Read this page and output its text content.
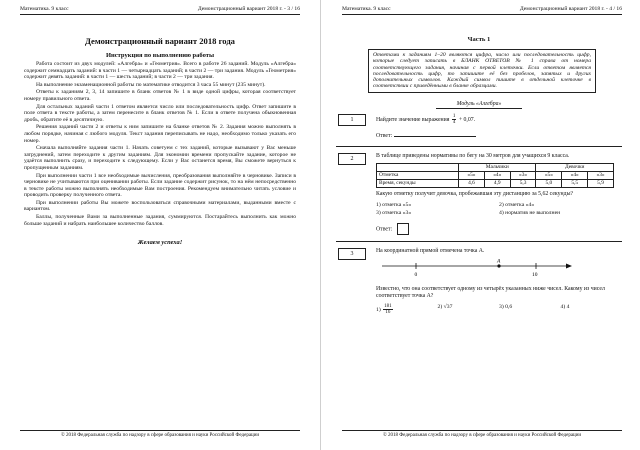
Математика. 9 класс	Демонстрационный вариант 2018 г. - 3 / 16
Демонстрационный вариант 2018 года
Инструкция по выполнению работы

Работа состоит из двух модулей: «Алгебра» и «Геометрия». Всего в работе 26 заданий. Модуль «Алгебра» содержит семнадцать заданий: в части 1 — четырнадцать заданий; в части 2 — три задания. Модуль «Геометрия» содержит девять заданий: в части 1 — шесть заданий; в части 2 — три задания.

На выполнение экзаменационной работы по математике отводится 3 часа 55 минут (235 минут).

Ответы к заданиям 2, 3, 14 запишите в бланк ответов № 1 в виде одной цифры, которая соответствует номеру правильного ответа.

Для остальных заданий части 1 ответом является число или последовательность цифр. Ответ запишите в поле ответа в тексте работы, а затем перенесите в бланк ответов № 1. Если в ответе получена обыкновенная дробь, обратите её в десятичную.

Решения заданий части 2 и ответы к ним запишите на бланке ответов № 2. Задания можно выполнять в любом порядке, начиная с любого модуля. Текст задания переписывать не надо, необходимо только указать его номер.

Сначала выполняйте задания части 1. Начать советуем с тех заданий, которые вызывают у Вас меньше затруднений, затем переходите к другим заданиям. Для экономии времени пропускайте задание, которое не удаётся выполнить сразу, и переходите к следующему. Если у Вас останется время, Вы сможете вернуться к пропущенным заданиям.

При выполнении части 1 все необходимые вычисления, преобразования выполняйте в черновике. Записи в черновике не учитываются при оценивании работы. Если задание содержит рисунок, то на нём непосредственно в тексте работы можно выполнять необходимые Вам построения. Рекомендуем внимательно читать условие и проводить проверку полученного ответа.

При выполнении работы Вы можете воспользоваться справочными материалами, выданными вместе с вариантом.

Баллы, полученные Вами за выполненные задания, суммируются. Постарайтесь выполнить как можно больше заданий и набрать наибольшее количество баллов.

Желаем успеха!
© 2018 Федеральная служба по надзору в сфере образования и науки Российской Федерации
Математика. 9 класс	Демонстрационный вариант 2018 г. - 4 / 16
Часть 1
Ответами к заданиям 1–20 являются цифра, число или последовательность цифр, которые следует записать в БЛАНК ОТВЕТОВ № 1 справа от номера соответствующего задания, начиная с первой клеточки. Если ответом является последовательность цифр, то запишите её без пробелов, запятых и других дополнительных символов. Каждый символ пишите в отдельной клеточке в соответствии с приведёнными в бланке образцами.
Модуль «Алгебра»
1	Найдите значение выражения $\frac{1}{4} + 0,07$.
Ответ:
2	В таблице приведены нормативы по бегу на 30 метров для учащихся 9 класса.
	Мальчики			Девочки		
Отметка	«5»	«4»	«3»	«5»	«4»	«3»
Время, секунды	4,6	4,9	5,3	5,0	5,5	5,9
Какую отметку получит девочка, пробежавшая эту дистанцию за 5,62 секунды?
1) отметка «5»	2) отметка «4»
3) отметка «3»	4) норматив не выполнен
Ответ:
3	На координатной прямой отмечена точка A.
A
0	10
Известно, что она соответствует одному из четырёх указанных ниже чисел. Какому из чисел соответствует точка A?
$1) \frac{181}{16}$	2) √37	3) 0,6	4) 4
© 2018 Федеральная служба по надзору в сфере образования и науки Российской Федерации
